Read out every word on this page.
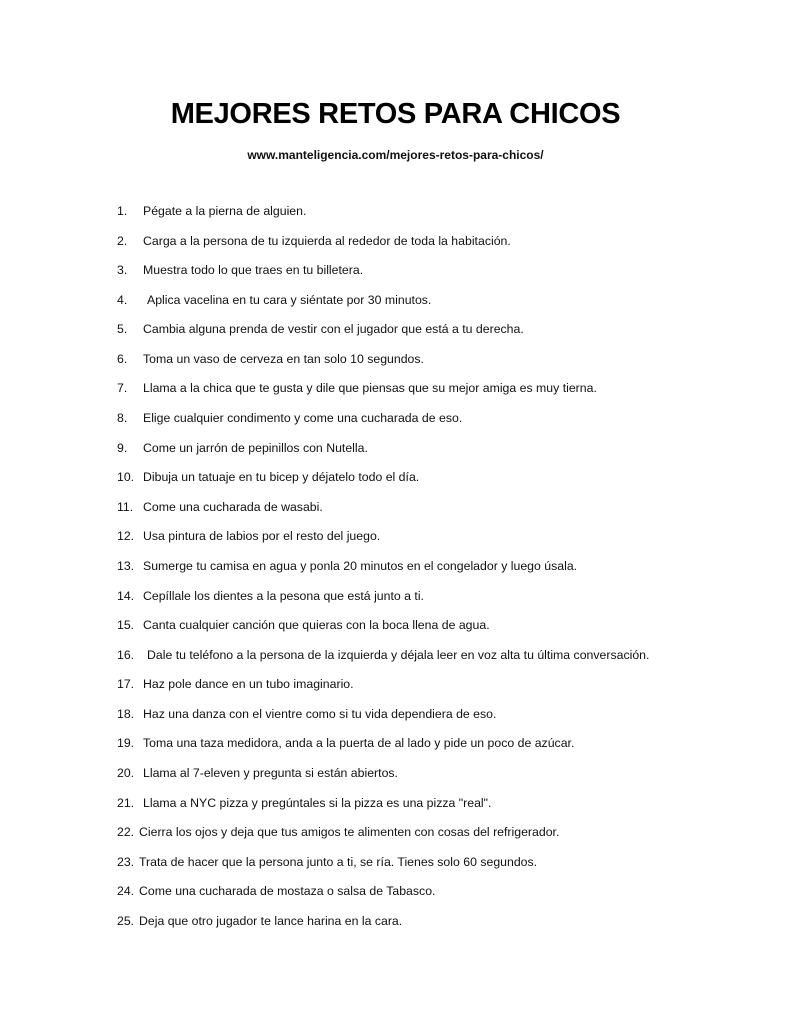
MEJORES RETOS PARA CHICOS
www.manteligencia.com/mejores-retos-para-chicos/
1.	Pégate a la pierna de alguien.
2.	Carga a la persona de tu izquierda al rededor de toda la habitación.
3.	Muestra todo lo que traes en tu billetera.
4.	Aplica vacelina en tu cara y siéntate por 30 minutos.
5.	Cambia alguna prenda de vestir con el jugador que está a tu derecha.
6.	Toma un vaso de cerveza en tan solo 10 segundos.
7.	Llama a la chica que te gusta y dile que piensas que su mejor amiga es muy tierna.
8.	Elige cualquier condimento y come una cucharada de eso.
9.	Come un jarrón de pepinillos con Nutella.
10. Dibuja un tatuaje en tu bicep y déjatelo todo el día.
11. Come una cucharada de wasabi.
12. Usa pintura de labios por el resto del juego.
13. Sumerge tu camisa en agua y ponla 20 minutos en el congelador y luego úsala.
14. Cepíllale los dientes a la pesona que está junto a ti.
15. Canta cualquier canción que quieras con la boca llena de agua.
16.	Dale tu teléfono a la persona de la izquierda y déjala leer en voz alta tu última conversación.
17. Haz pole dance en un tubo imaginario.
18. Haz una danza con el vientre como si tu vida dependiera de eso.
19. Toma una taza medidora, anda a la puerta de al lado y pide un poco de azúcar.
20. Llama al 7-eleven y pregunta si están abiertos.
21. Llama a NYC pizza y pregúntales si la pizza es una pizza "real".
22. Cierra los ojos y deja que tus amigos te alimenten con cosas del refrigerador.
23. Trata de hacer que la persona junto a ti, se ría. Tienes solo 60 segundos.
24. Come una cucharada de mostaza o salsa de Tabasco.
25. Deja que otro jugador te lance harina en la cara.
